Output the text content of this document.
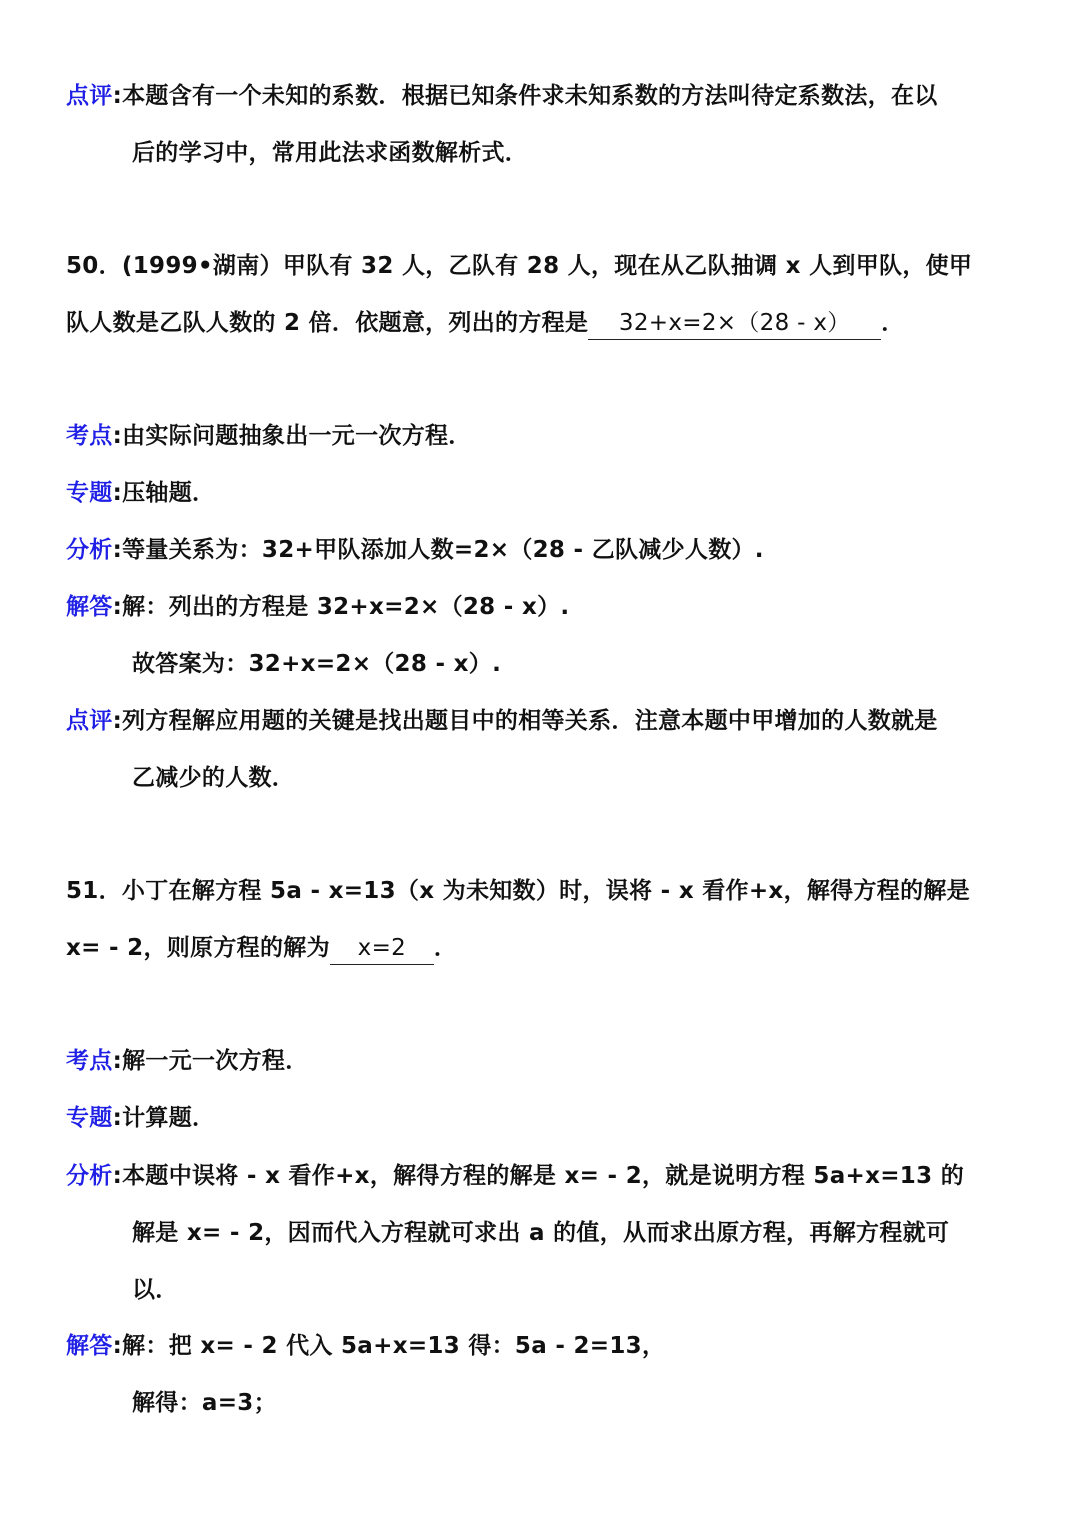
点评:本题含有一个未知的系数．根据已知条件求未知系数的方法叫待定系数法，在以
后的学习中，常用此法求函数解析式．
50．(1999•湖南）甲队有 32 人，乙队有 28 人，现在从乙队抽调 x 人到甲队，使甲
队人数是乙队人数的 2 倍．依题意，列出的方程是 32+x=2×（28 - x） ．
考点:由实际问题抽象出一元一次方程．
专题:压轴题．
分析:等量关系为：32+甲队添加人数=2×（28 - 乙队减少人数）.
解答:解：列出的方程是 32+x=2×（28 - x）.
故答案为：32+x=2×（28 - x）.
点评:列方程解应用题的关键是找出题目中的相等关系．注意本题中甲增加的人数就是
乙减少的人数．
51．小丁在解方程 5a - x=13（x 为未知数）时，误将 - x 看作+x，解得方程的解是
x= - 2，则原方程的解为 x=2 ．
考点:解一元一次方程．
专题:计算题．
分析:本题中误将 - x 看作+x，解得方程的解是 x= - 2，就是说明方程 5a+x=13 的
解是 x= - 2，因而代入方程就可求出 a 的值，从而求出原方程，再解方程就可
以．
解答:解：把 x= - 2 代入 5a+x=13 得：5a - 2=13，
解得：a=3；
